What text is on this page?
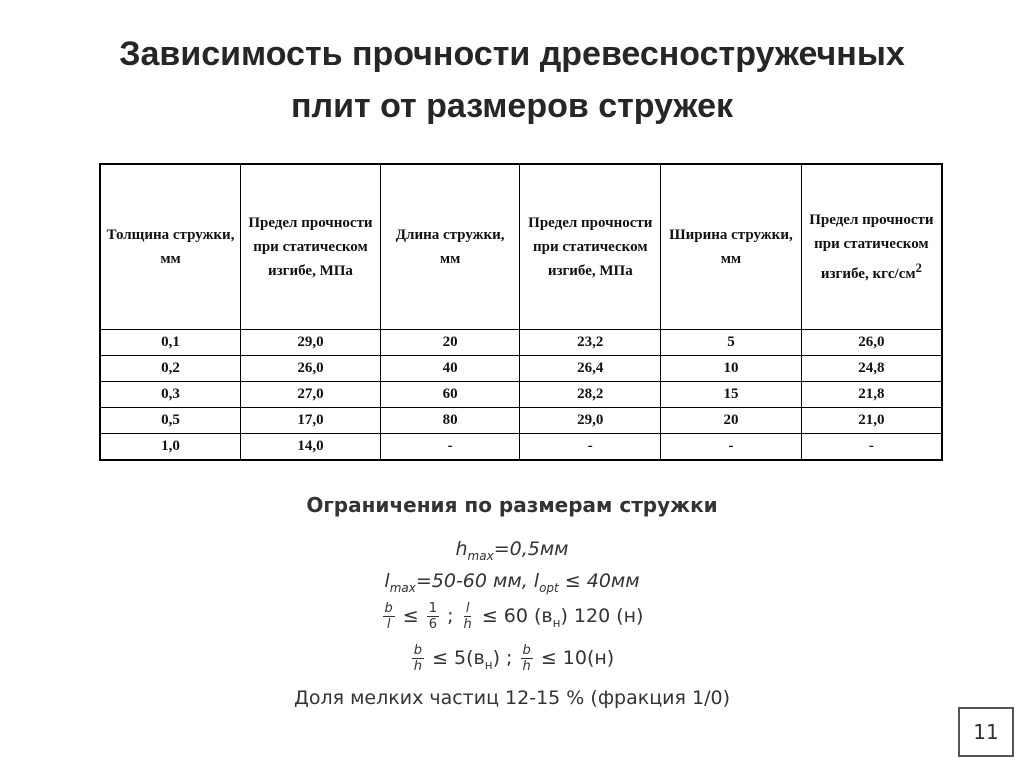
Зависимость прочности древесностружечных
плит от размеров стружек
Толщина стружки, мм	Предел прочности при статическом изгибе, МПа	Длина стружки, мм	Предел прочности при статическом изгибе, МПа	Ширина стружки, мм	Предел прочности при статическом изгибе, кгс/$см^2$
0,1	29,0	20	23,2	5	26,0
0,2	26,0	40	26,4	10	24,8
0,3	27,0	60	28,2	15	21,8
0,5	17,0	80	29,0	20	21,0
1,0	14,0	-	-	-	-
Ограничения по размерам стружки
$h_{max}=0,5мм$
$l_{max}=50-60$ мм, $l_{opt} \le 40мм$
$\frac{b}{l} \le \frac{1}{6}$ ; $\frac{l}{h} \le 60$ $(в_н)$ 120 (н)
$\frac{b}{h} \le 5(в_н)$ ; $\frac{b}{h} \le 10(н)$
Доля мелких частиц 12-15 % (фракция 1/0)
11
